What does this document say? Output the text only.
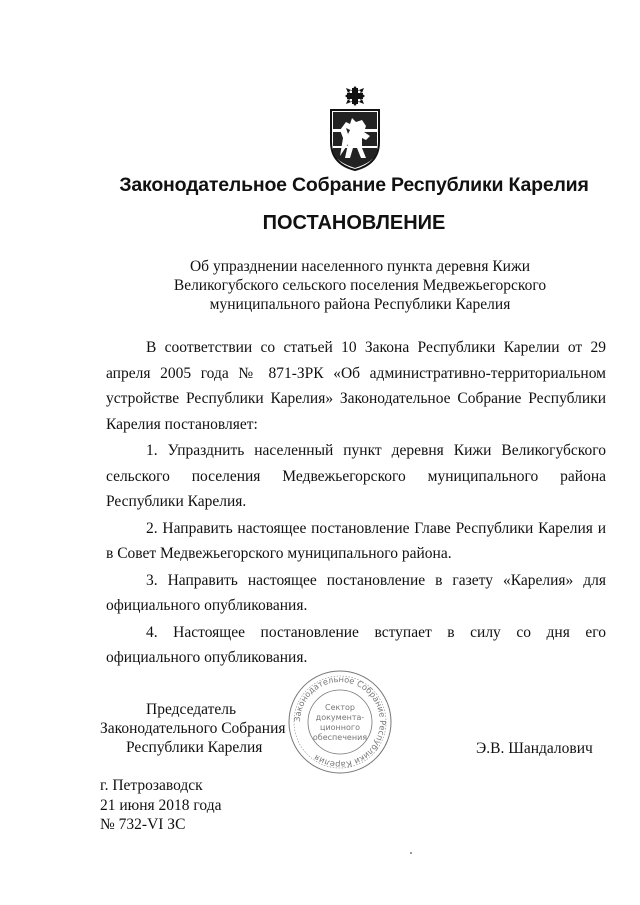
Законодательное Собрание Республики Карелия
ПОСТАНОВЛЕНИЕ
Об упразднении населенного пункта деревня Кижи
Великогубского сельского поселения Медвежьегорского
муниципального района Республики Карелия

В соответствии со статьей 10 Закона Республики Карелии от 29 апреля 2005 года № 871-ЗРК «Об административно-территориальном устройстве Республики Карелия» Законодательное Собрание Республики Карелия постановляет:

1. Упразднить населенный пункт деревня Кижи Великогубского сельского поселения Медвежьегорского муниципального района Республики Карелия.

2. Направить настоящее постановление Главе Республики Карелия и в Совет Медвежьегорского муниципального района.

3. Направить настоящее постановление в газету «Карелия» для официального опубликования.

4. Настоящее постановление вступает в силу со дня его официального опубликования.

Председатель
Законодательного Собрания
Республики Карелия
Законодательное Собрание Республики Карелия
Сектор
документа-
ционного
обеспечения
Э.В. Шандалович
г. Петрозаводск
21 июня 2018 года
№ 732-VI ЗС
